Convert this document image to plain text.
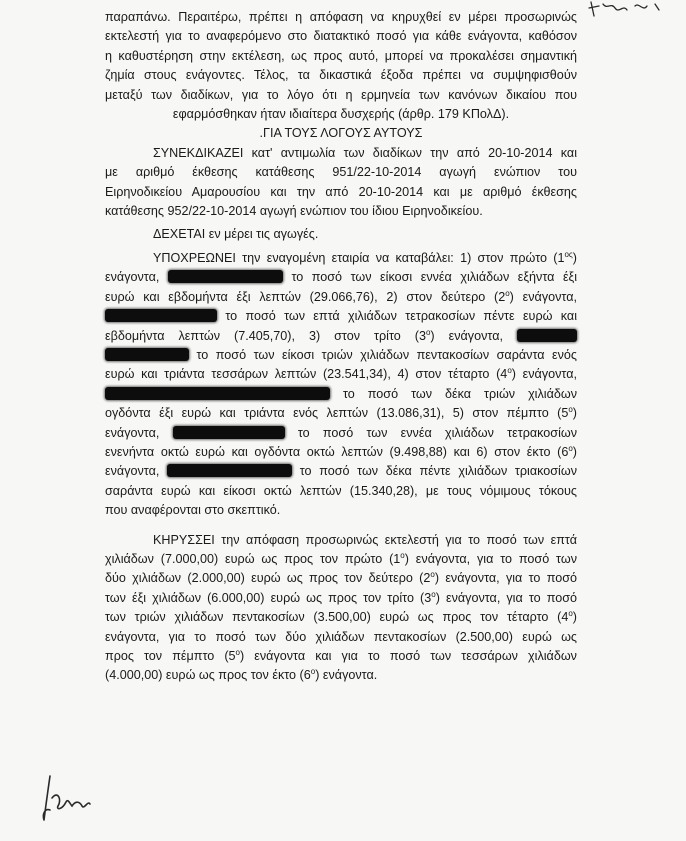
παραπάνω. Περαιτέρω, πρέπει η απόφαση να κηρυχθεί εν μέρει προσωρινώς

εκτελεστή για το αναφερόμενο στο διατακτικό ποσό για κάθε ενάγοντα, καθόσον

η καθυστέρηση στην εκτέλεση, ως προς αυτό, μπορεί να προκαλέσει σημαντική

ζημία στους ενάγοντες. Τέλος, τα δικαστικά έξοδα πρέπει να συμψηφισθούν

μεταξύ των διαδίκων, για το λόγο ότι η ερμηνεία των κανόνων δικαίου που

εφαρμόσθηκαν ήταν ιδιαίτερα δυσχερής (άρθρ. 179 ΚΠολΔ).

.ΓΙΑ ΤΟΥΣ ΛΟΓΟΥΣ ΑΥΤΟΥΣ

ΣΥΝΕΚΔΙΚΑΖΕΙ κατ' αντιμωλία των διαδίκων την από 20-10-2014 και

με αριθμό έκθεσης κατάθεσης 951/22-10-2014 αγωγή ενώπιον του

Ειρηνοδικείου Αμαρουσίου και την από 20-10-2014 και με αριθμό έκθεσης

κατάθεσης 952/22-10-2014 αγωγή ενώπιον του ίδιου Ειρηνοδικείου.

ΔΕΧΕΤΑΙ εν μέρει τις αγωγές.

ΥΠΟΧΡΕΩΝΕΙ την εναγομένη εταιρία να καταβάλει: 1) στον πρώτο $(1^{o\varsigma})$

ενάγοντα,	το ποσό των είκοσι εννέα χιλιάδων εξήντα έξι

ευρώ και εβδομήντα έξι λεπτών (29.066,76), 2) στον δεύτερο $(2^o)$ ενάγοντα,

το ποσό των επτά χιλιάδων τετρακοσίων πέντε ευρώ και

εβδομήντα λεπτών (7.405,70), 3) στον τρίτο $(3^o)$ ενάγοντα,

το ποσό των είκοσι τριών χιλιάδων πεντακοσίων σαράντα ενός

ευρώ και τριάντα τεσσάρων λεπτών (23.541,34), 4) στον τέταρτο $(4^o)$ ενάγοντα,

το ποσό των δέκα τριών χιλιάδων

ογδόντα έξι ευρώ και τριάντα ενός λεπτών (13.086,31), 5) στον πέμπτο $(5^o)$

ενάγοντα,	το ποσό των εννέα χιλιάδων τετρακοσίων

ενενήντα οκτώ ευρώ και ογδόντα οκτώ λεπτών (9.498,88) και 6) στον έκτο $(6^o)$

ενάγοντα,	το ποσό των δέκα πέντε χιλιάδων τριακοσίων

σαράντα ευρώ και είκοσι οκτώ λεπτών (15.340,28), με τους νόμιμους τόκους

που αναφέρονται στο σκεπτικό.

ΚΗΡΥΣΣΕΙ την απόφαση προσωρινώς εκτελεστή για το ποσό των επτά

χιλιάδων (7.000,00) ευρώ ως προς τον πρώτο $(1^o)$ ενάγοντα, για το ποσό των

δύο χιλιάδων (2.000,00) ευρώ ως προς τον δεύτερο $(2^o)$ ενάγοντα, για το ποσό

των έξι χιλιάδων (6.000,00) ευρώ ως προς τον τρίτο $(3^o)$ ενάγοντα, για το ποσό

των τριών χιλιάδων πεντακοσίων (3.500,00) ευρώ ως προς τον τέταρτο $(4^o)$

ενάγοντα, για το ποσό των δύο χιλιάδων πεντακοσίων (2.500,00) ευρώ ως

προς τον πέμπτο $(5^o)$ ενάγοντα και για το ποσό των τεσσάρων χιλιάδων

(4.000,00) ευρώ ως προς τον έκτο $(6^o)$ ενάγοντα.
